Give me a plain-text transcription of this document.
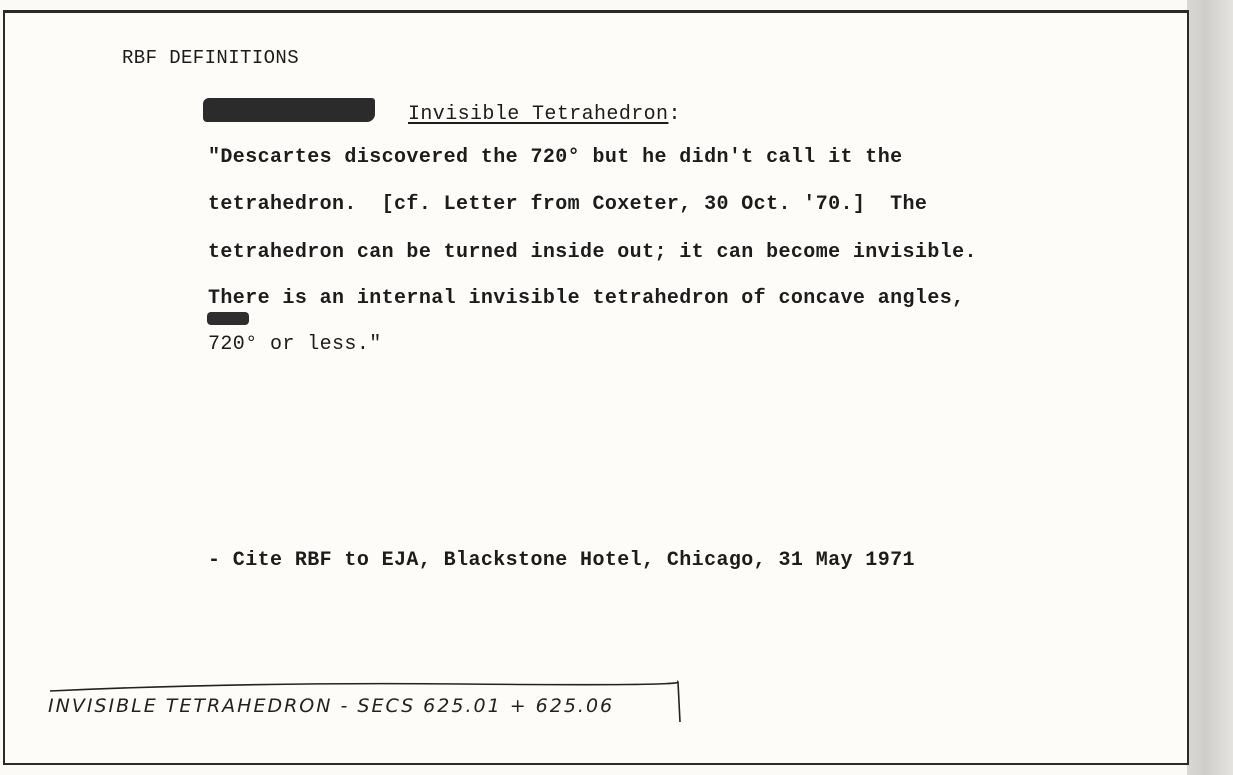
RBF DEFINITIONS
Invisible Tetrahedron:
"Descartes discovered the 720° but he didn't call it the
tetrahedron.  [cf. Letter from Coxeter, 30 Oct. '70.]  The
tetrahedron can be turned inside out; it can become invisible.
There is an internal invisible tetrahedron of concave angles,
720° or less."
- Cite RBF to EJA, Blackstone Hotel, Chicago, 31 May 1971
INVISIBLE TETRAHEDRON - SECS 625.01 + 625.06
